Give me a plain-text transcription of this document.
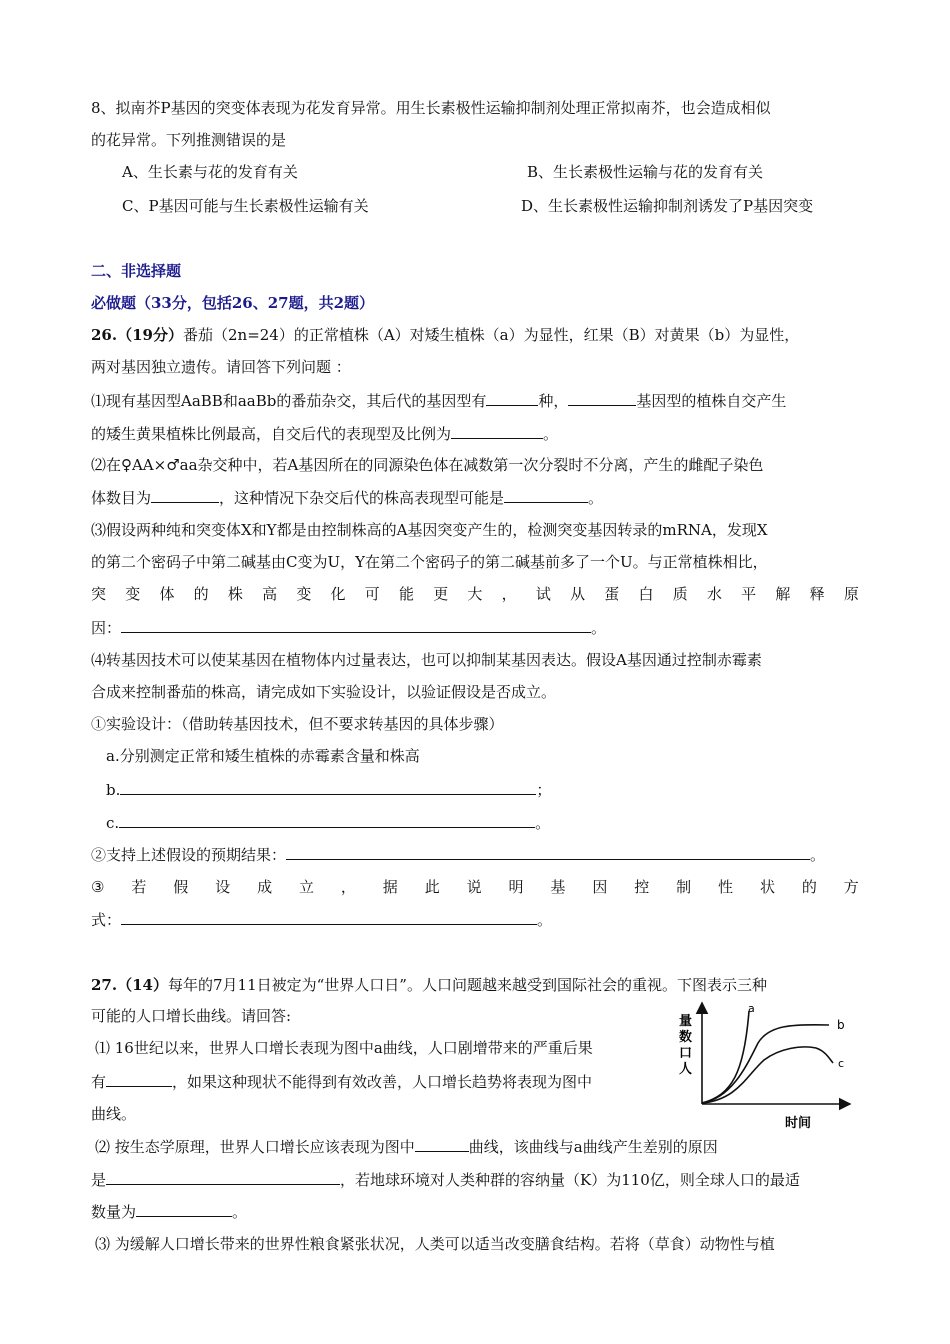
8、拟南芥P基因的突变体表现为花发育异常。用生长素极性运输抑制剂处理正常拟南芥，也会造成相似
的花异常。下列推测错误的是
A、生长素与花的发育有关	B、生长素极性运输与花的发育有关
C、P基因可能与生长素极性运输有关	D、生长素极性运输抑制剂诱发了P基因突变
二、非选择题
必做题（33分，包括26、27题，共2题）
26.（19分）番茄（2n=24）的正常植株（A）对矮生植株（a）为显性，红果（B）对黄果（b）为显性，
两对基因独立遗传。请回答下列问题 ：
⑴现有基因型AaBB和aaBb的番茄杂交，其后代的基因型有	种，	基因型的植株自交产生
的矮生黄果植株比例最高，自交后代的表现型及比例为	。
⑵在♀AA×♂aa杂交种中，若A基因所在的同源染色体在减数第一次分裂时不分离，产生的雌配子染色
体数目为	，这种情况下杂交后代的株高表现型可能是	。
⑶假设两种纯和突变体X和Y都是由控制株高的A基因突变产生的，检测突变基因转录的mRNA，发现X
的第二个密码子中第二碱基由C变为U，Y在第二个密码子的第二碱基前多了一个U。与正常植株相比，
突 变 体 的 株 高 变 化 可 能 更 大 ， 试 从 蛋 白 质 水 平 解 释 原
因：	。
⑷转基因技术可以使某基因在植物体内过量表达，也可以抑制某基因表达。假设A基因通过控制赤霉素
合成来控制番茄的株高，请完成如下实验设计，以验证假设是否成立。
①实验设计：（借助转基因技术，但不要求转基因的具体步骤）
a.分别测定正常和矮生植株的赤霉素含量和株高
b.	；
c.	。
②支持上述假设的预期结果：	。
③ 若 假 设 成 立 ， 据 此 说 明 基 因 控 制 性 状 的 方
式：	。
27.（14）每年的7月11日被定为“世界人口日”。人口问题越来越受到国际社会的重视。下图表示三种
可能的人口增长曲线。请回答:
⑴ 16世纪以来，世界人口增长表现为图中a曲线，人口剧增带来的严重后果
有	，如果这种现状不能得到有效改善，人口增长趋势将表现为图中
曲线。
⑵ 按生态学原理，世界人口增长应该表现为图中	曲线，该曲线与a曲线产生差别的原因
是	，若地球环境对人类种群的容纳量（K）为110亿，则全球人口的最适
数量为	。
⑶ 为缓解人口增长带来的世界性粮食紧张状况，人类可以适当改变膳食结构。若将（草食）动物性与植
量
数
口
人
时间
a
b
c
